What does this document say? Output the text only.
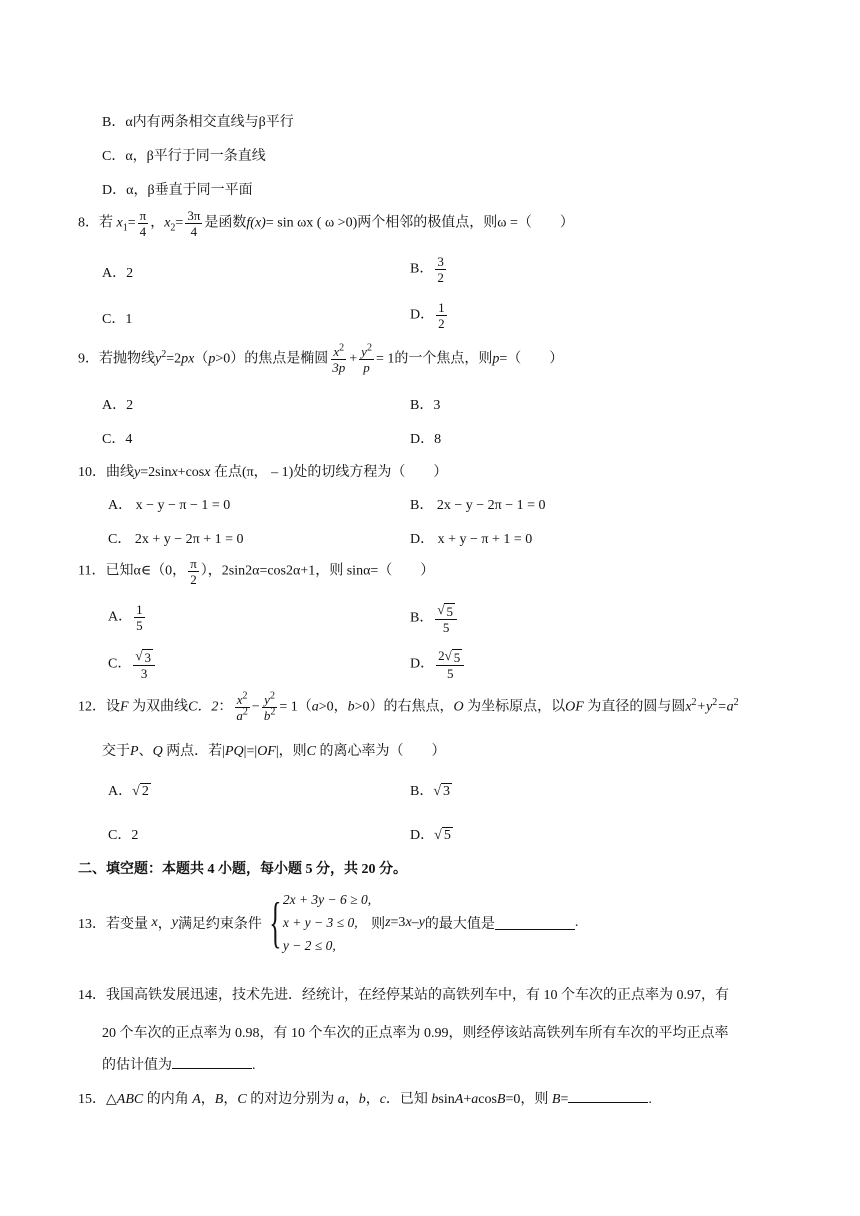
B．α内有两条相交直线与β平行
C．α，β平行于同一条直线
D．α，β垂直于同一平面
8．若 $x_1= \frac{\pi}{4}$ ，$x_2= \frac{3\pi}{4}$ 是函数f(x)= sin ωx ( ω >0)两个相邻的极值点，则ω =（　　）
A．2	B． $\frac{3}{2}$
C．1	D． $\frac{1}{2}$
9．若抛物线$y^2=2px(p>0)$的焦点是椭圆 $\frac{x^2}{3p} + \frac{y^2}{p} = 1$的一个焦点，则p=（　　）
A．2	B．3
C．4	D．8
10．曲线y=2sinx+cosx 在点(π， – 1)处的切线方程为（　　）
A． x − y − π − 1 = 0	B． 2x − y − 2π − 1 = 0
C． 2x + y − 2π + 1 = 0	D． x + y − π + 1 = 0
11．已知α∈（0， $\frac{\pi}{2}$ ），2sin2α=cos2α+1，则 sinα=（　　）
A． $\frac{1}{5}$	B． $\frac{√ 5}{5}$
C． $\frac{√ 3}{3}$	D． $\frac{2√ 5}{5}$
12．设F 为双曲线C．2： $\frac{x^2}{a^2} - \frac{y^2}{b^2} = 1(a>0$，b>0）的右焦点，O 为坐标原点，以OF 为直径的圆与圆$x^2+y^2=a^2$
交于P、Q 两点．若|PQ|=|OF|，则C 的离心率为（　　）
A．√ 2	B．√ 3
C．2	D．√ 5
二、填空题：本题共 4 小题，每小题 5 分，共 20 分。
13． 若变量
x ， y 满足约束条件 { 2x + 3y − 6 ≥ 0,
x + y − 3 ≤ 0,
y − 2 ≤ 0,
则 z =3 x – y 的最大值是	.
14．我国高铁发展迅速，技术先进．经统计，在经停某站的高铁列车中，有 10 个车次的正点率为 0.97，有
20 个车次的正点率为 0.98，有 10 个车次的正点率为 0.99，则经停该站高铁列车所有车次的平均正点率
的估计值为	.
15．△ABC 的内角 A，B，C 的对边分别为 a，b，c．已知 bsinA+acosB=0，则 B=	.
